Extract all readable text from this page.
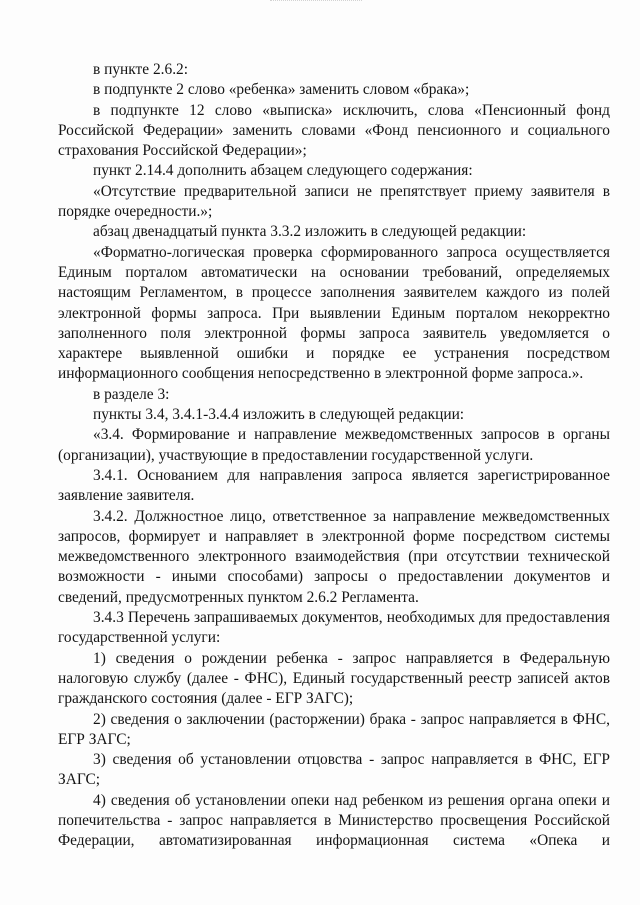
в пункте 2.6.2:

в подпункте 2 слово «ребенка» заменить словом «брака»;

в подпункте 12 слово «выписка» исключить, слова «Пенсионный фонд Российской Федерации» заменить словами «Фонд пенсионного и социального страхования Российской Федерации»;

пункт 2.14.4 дополнить абзацем следующего содержания:

«Отсутствие предварительной записи не препятствует приему заявителя в порядке очередности.»;

абзац двенадцатый пункта 3.3.2 изложить в следующей редакции:

«Форматно-логическая проверка сформированного запроса осуществляется Единым порталом автоматически на основании требований, определяемых настоящим Регламентом, в процессе заполнения заявителем каждого из полей электронной формы запроса. При выявлении Единым порталом некорректно заполненного поля электронной формы запроса заявитель уведомляется о характере выявленной ошибки и порядке ее устранения посредством информационного сообщения непосредственно в электронной форме запроса.».

в разделе 3:

пункты 3.4, 3.4.1-3.4.4 изложить в следующей редакции:

«3.4. Формирование и направление межведомственных запросов в органы (организации), участвующие в предоставлении государственной услуги.

3.4.1. Основанием для направления запроса является зарегистрированное заявление заявителя.

3.4.2. Должностное лицо, ответственное за направление межведомственных запросов, формирует и направляет в электронной форме посредством системы межведомственного электронного взаимодействия (при отсутствии технической возможности - иными способами) запросы о предоставлении документов и сведений, предусмотренных пунктом 2.6.2 Регламента.

3.4.3 Перечень запрашиваемых документов, необходимых для предоставления государственной услуги:

1) сведения о рождении ребенка - запрос направляется в Федеральную налоговую службу (далее - ФНС), Единый государственный реестр записей актов гражданского состояния (далее - ЕГР ЗАГС);

2) сведения о заключении (расторжении) брака - запрос направляется в ФНС, ЕГР ЗАГС;

3) сведения об установлении отцовства - запрос направляется в ФНС, ЕГР ЗАГС;

4) сведения об установлении опеки над ребенком из решения органа опеки и попечительства - запрос направляется в Министерство просвещения Российской Федерации, автоматизированная информационная система «Опека и
